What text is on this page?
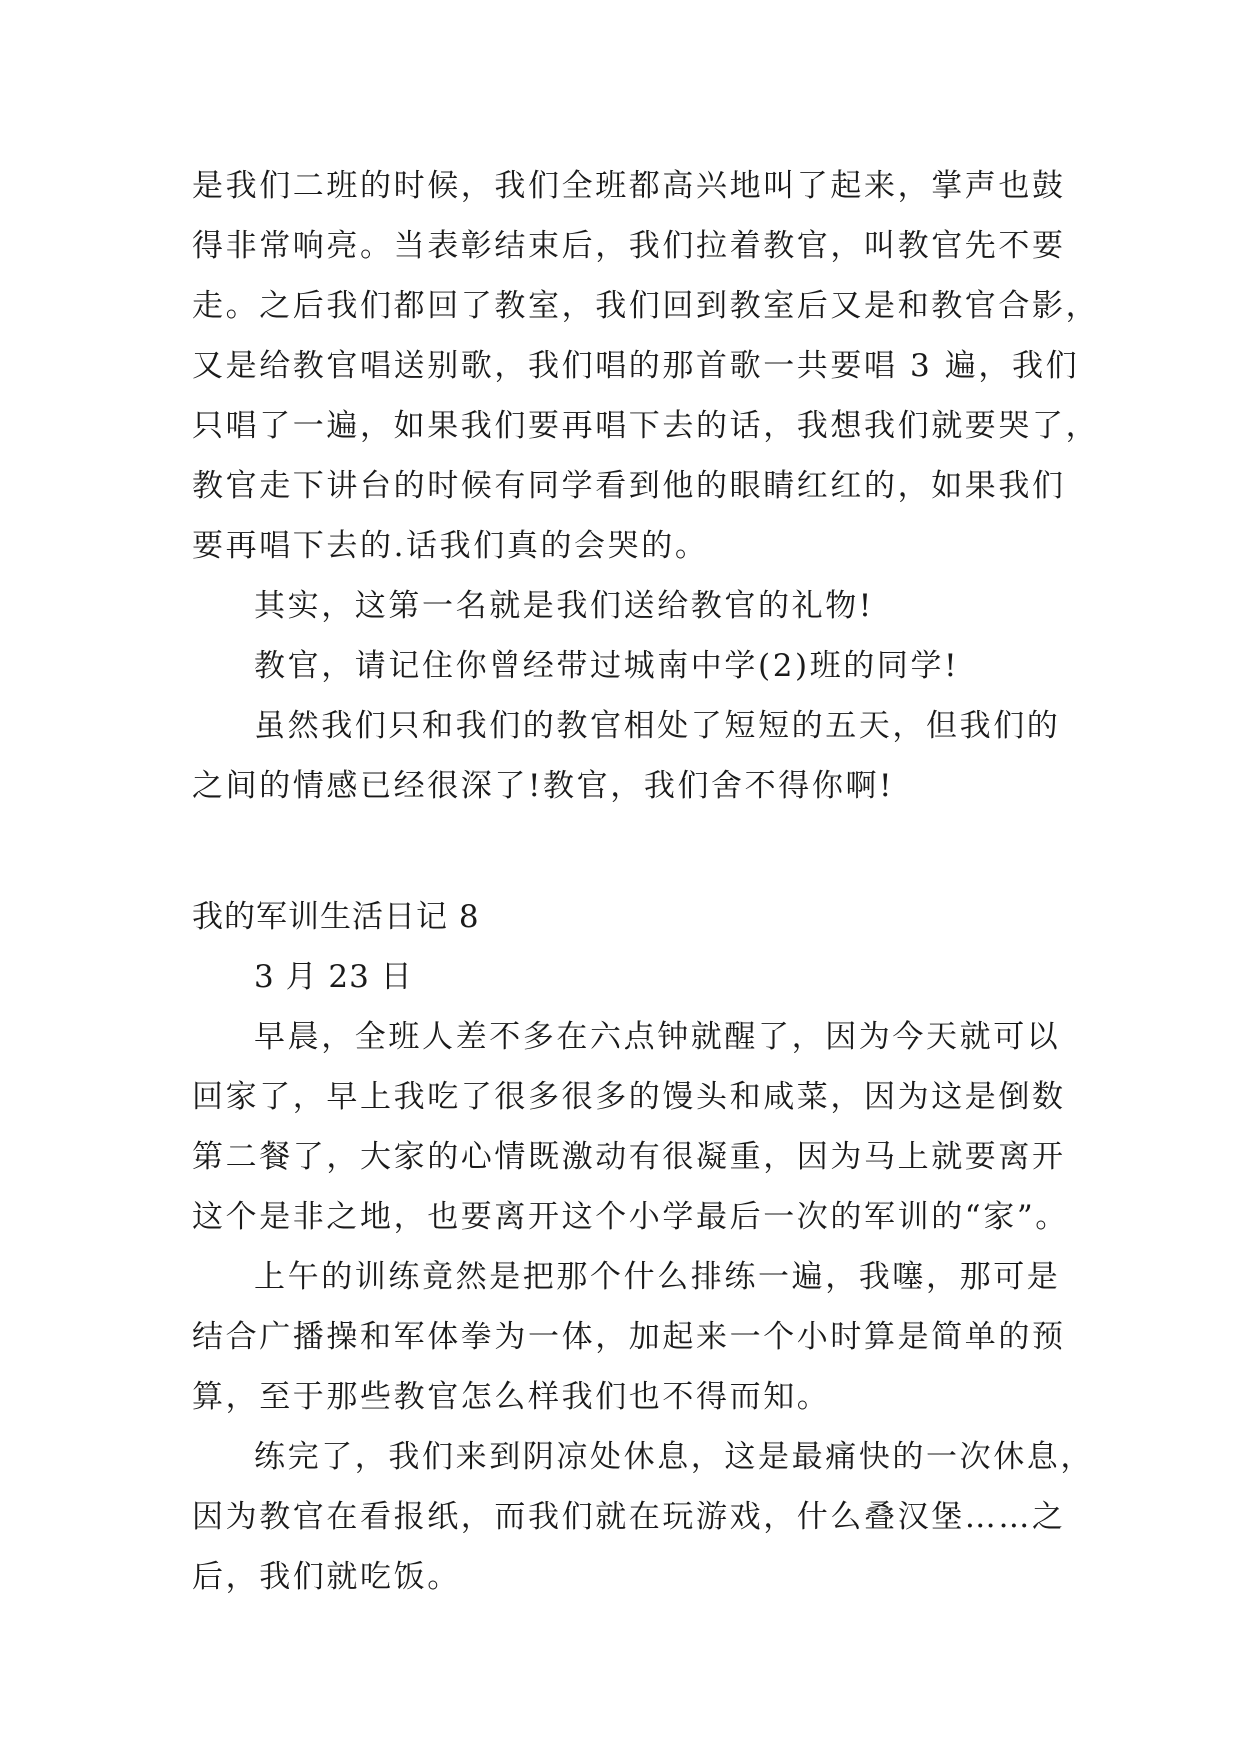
是我们二班的时候，我们全班都高兴地叫了起来，掌声也鼓
得非常响亮。当表彰结束后，我们拉着教官，叫教官先不要
走。之后我们都回了教室，我们回到教室后又是和教官合影，
又是给教官唱送别歌，我们唱的那首歌一共要唱 3 遍，我们
只唱了一遍，如果我们要再唱下去的话，我想我们就要哭了，
教官走下讲台的时候有同学看到他的眼睛红红的，如果我们
要再唱下去的.话我们真的会哭的。
其实，这第一名就是我们送给教官的礼物!
教官，请记住你曾经带过城南中学(2)班的同学!
虽然我们只和我们的教官相处了短短的五天，但我们的
之间的情感已经很深了!教官，我们舍不得你啊!
我的军训生活日记 8
3 月 23 日
早晨，全班人差不多在六点钟就醒了，因为今天就可以
回家了，早上我吃了很多很多的馒头和咸菜，因为这是倒数
第二餐了，大家的心情既激动有很凝重，因为马上就要离开
这个是非之地，也要离开这个小学最后一次的军训的“家”。
上午的训练竟然是把那个什么排练一遍，我噻，那可是
结合广播操和军体拳为一体，加起来一个小时算是简单的预
算，至于那些教官怎么样我们也不得而知。
练完了，我们来到阴凉处休息，这是最痛快的一次休息，
因为教官在看报纸，而我们就在玩游戏，什么叠汉堡……之
后，我们就吃饭。
